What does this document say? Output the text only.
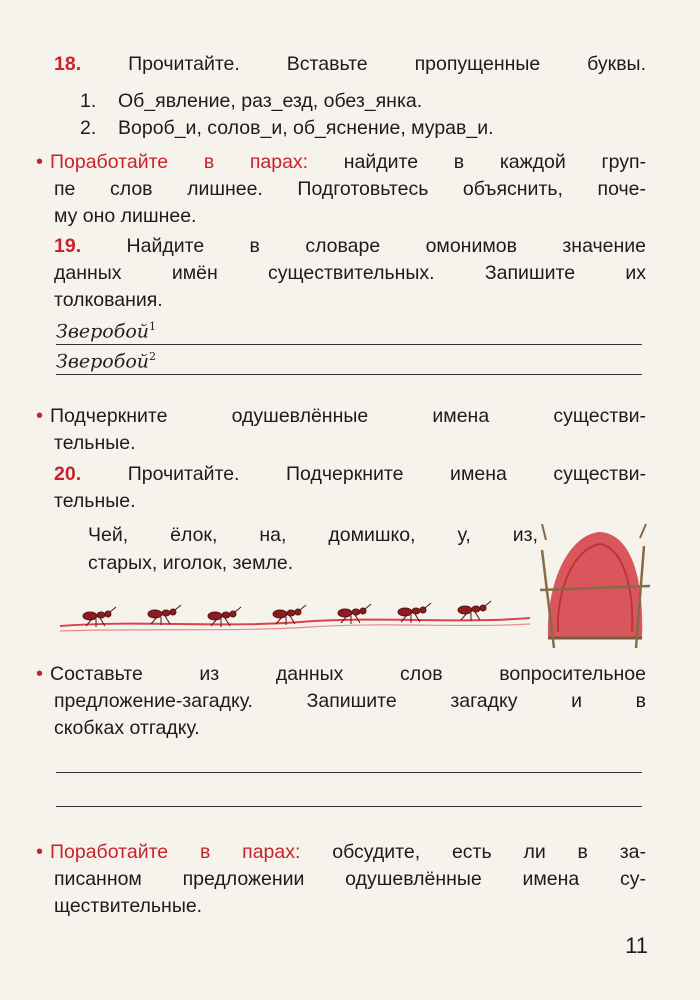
18. Прочитайте. Вставьте пропущенные буквы.

1. Об_явление, раз_езд, обез_янка.
2. Вороб_и, солов_и, об_яснение, мурав_и.

• Поработайте в парах: найдите в каждой груп-

пе слов лишнее. Подготовьтесь объяснить, поче-

му оно лишнее.

19. Найдите в словаре омонимов значение

данных имён существительных. Запишите их

толкования.

Зверобой$^1$
Зверобой$^2$

• Подчеркните одушевлённые имена существи-

тельные.

20. Прочитайте. Подчеркните имена существи-

тельные.

Чей, ёлок, на, домишко, у, из,
старых, иголок, земле.

• Составьте из данных слов вопросительное

предложение-загадку. Запишите загадку и в

скобках отгадку.

• Поработайте в парах: обсудите, есть ли в за-

писанном предложении одушевлённые имена су-

ществительные.

11
